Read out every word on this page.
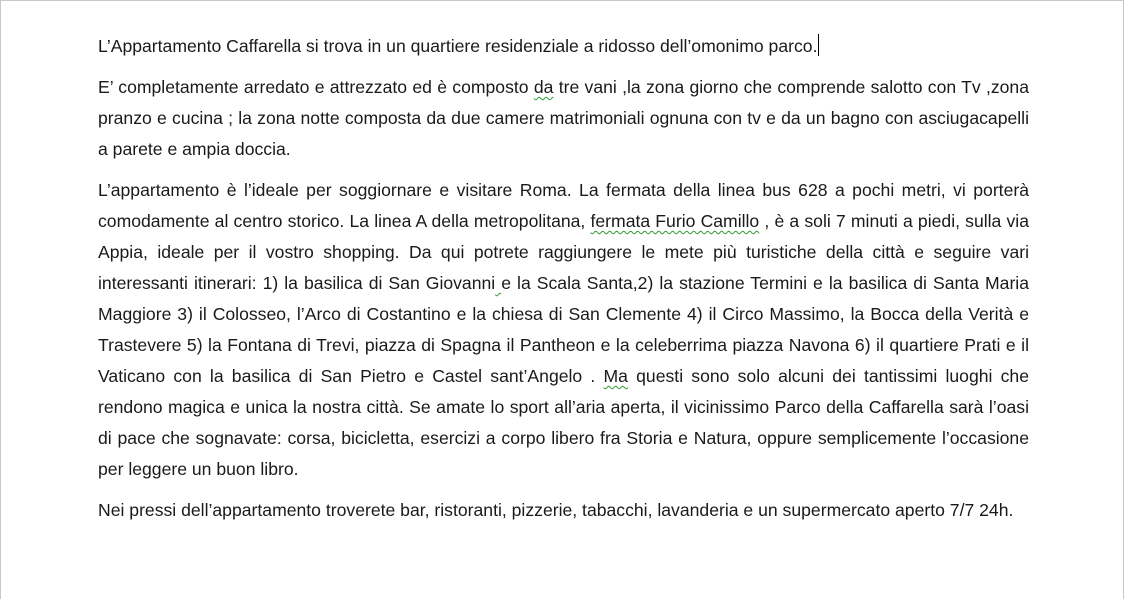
L’Appartamento Caffarella si trova in un quartiere residenziale a ridosso dell’omonimo parco.

E’ completamente arredato e attrezzato ed è composto da tre vani ,la zona giorno che comprende salotto con Tv ,zona pranzo e cucina ; la zona notte composta da due camere matrimoniali ognuna con tv e da un bagno con asciugacapelli a parete e ampia doccia.

L’appartamento è l’ideale per soggiornare e visitare Roma. La fermata della linea bus 628 a pochi metri, vi porterà comodamente al centro storico. La linea A della metropolitana, fermata Furio Camillo , è a soli 7 minuti a piedi, sulla via Appia, ideale per il vostro shopping. Da qui potrete raggiungere le mete più turistiche della città e seguire vari interessanti itinerari: 1) la basilica di San Giovanni e la Scala Santa,2) la stazione Termini e la basilica di Santa Maria Maggiore 3) il Colosseo, l’Arco di Costantino e la chiesa di San Clemente 4) il Circo Massimo, la Bocca della Verità e Trastevere 5) la Fontana di Trevi, piazza di Spagna il Pantheon e la celeberrima piazza Navona 6) il quartiere Prati e il Vaticano con la basilica di San Pietro e Castel sant’Angelo . Ma questi sono solo alcuni dei tantissimi luoghi che rendono magica e unica la nostra città. Se amate lo sport all’aria aperta, il vicinissimo Parco della Caffarella sarà l’oasi di pace che sognavate: corsa, bicicletta, esercizi a corpo libero fra Storia e Natura, oppure semplicemente l’occasione per leggere un buon libro.

Nei pressi dell’appartamento troverete bar, ristoranti, pizzerie, tabacchi, lavanderia e un supermercato aperto 7/7 24h.
